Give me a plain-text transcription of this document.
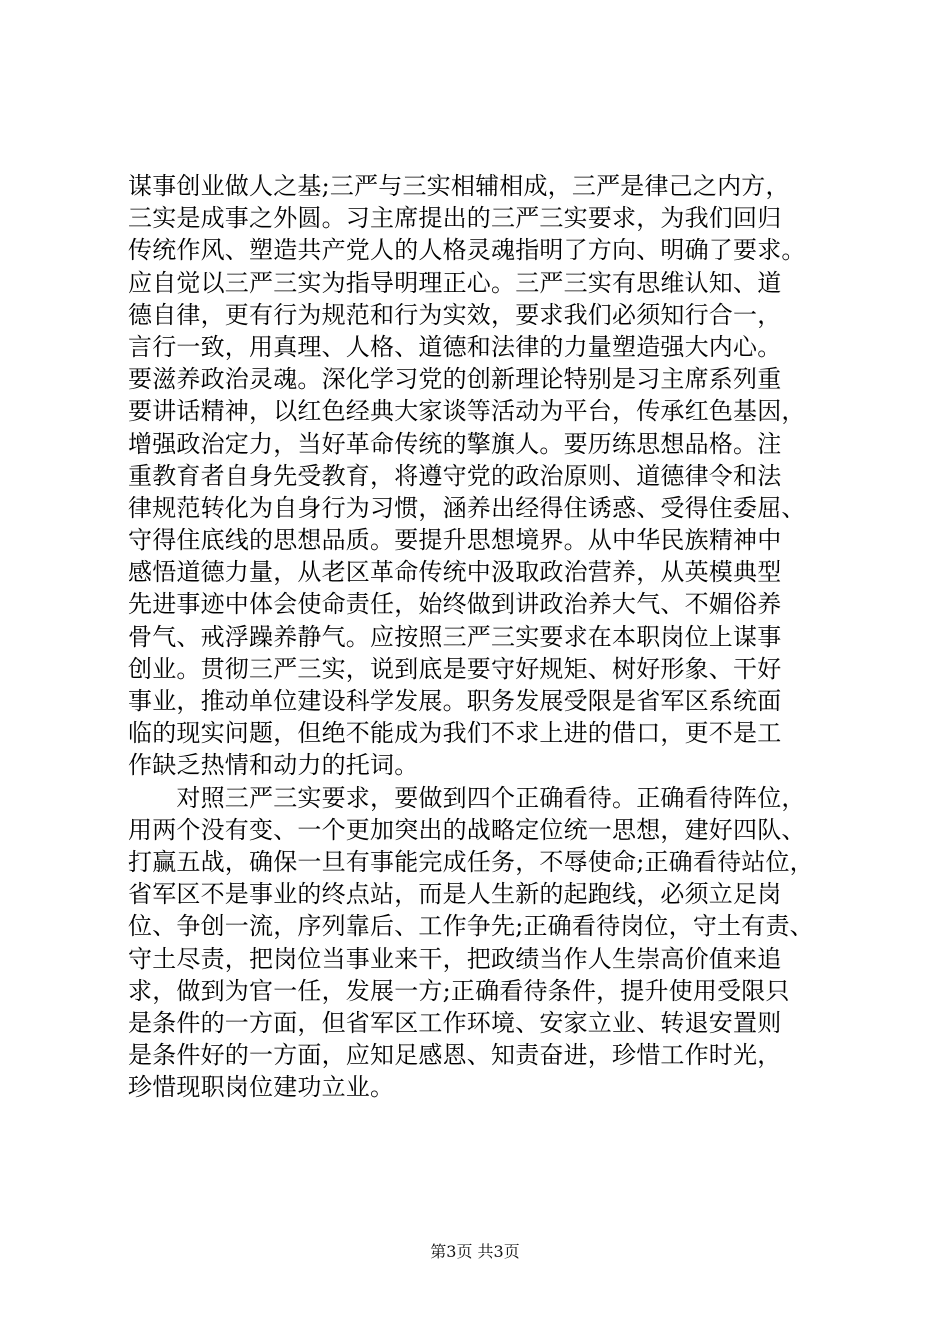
谋事创业做人之基;三严与三实相辅相成，三严是律己之内方，
三实是成事之外圆。习主席提出的三严三实要求，为我们回归
传统作风、塑造共产党人的人格灵魂指明了方向、明确了要求。
应自觉以三严三实为指导明理正心。三严三实有思维认知、道
德自律，更有行为规范和行为实效，要求我们必须知行合一，
言行一致，用真理、人格、道德和法律的力量塑造强大内心。
要滋养政治灵魂。深化学习党的创新理论特别是习主席系列重
要讲话精神，以红色经典大家谈等活动为平台，传承红色基因，
增强政治定力，当好革命传统的擎旗人。要历练思想品格。注
重教育者自身先受教育，将遵守党的政治原则、道德律令和法
律规范转化为自身行为习惯，涵养出经得住诱惑、受得住委屈、
守得住底线的思想品质。要提升思想境界。从中华民族精神中
感悟道德力量，从老区革命传统中汲取政治营养，从英模典型
先进事迹中体会使命责任，始终做到讲政治养大气、不媚俗养
骨气、戒浮躁养静气。应按照三严三实要求在本职岗位上谋事
创业。贯彻三严三实，说到底是要守好规矩、树好形象、干好
事业，推动单位建设科学发展。职务发展受限是省军区系统面
临的现实问题，但绝不能成为我们不求上进的借口，更不是工
作缺乏热情和动力的托词。
　　对照三严三实要求，要做到四个正确看待。正确看待阵位，
用两个没有变、一个更加突出的战略定位统一思想，建好四队、
打赢五战，确保一旦有事能完成任务，不辱使命;正确看待站位，
省军区不是事业的终点站，而是人生新的起跑线，必须立足岗
位、争创一流，序列靠后、工作争先;正确看待岗位，守土有责、
守土尽责，把岗位当事业来干，把政绩当作人生崇高价值来追
求，做到为官一任，发展一方;正确看待条件，提升使用受限只
是条件的一方面，但省军区工作环境、安家立业、转退安置则
是条件好的一方面，应知足感恩、知责奋进，珍惜工作时光，
珍惜现职岗位建功立业。
第3页 共3页
